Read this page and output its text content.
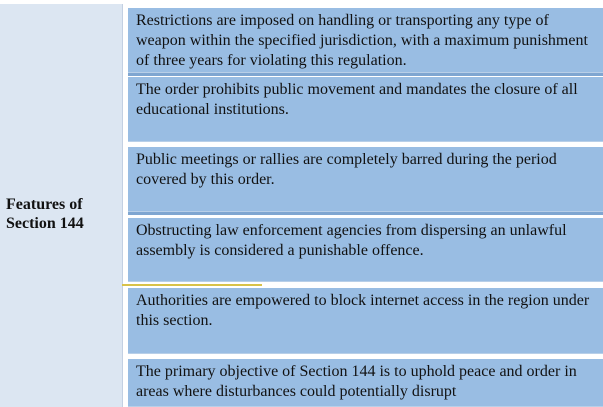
Features of Section 144
Restrictions are imposed on handling or transporting any type of weapon within the specified jurisdiction, with a maximum punishment of three years for violating this regulation.
The order prohibits public movement and mandates the closure of all educational institutions.
Public meetings or rallies are completely barred during the period covered by this order.
Obstructing law enforcement agencies from dispersing an unlawful assembly is considered a punishable offence.
Authorities are empowered to block internet access in the region under this section.
The primary objective of Section 144 is to uphold peace and order in areas where disturbances could potentially disrupt
